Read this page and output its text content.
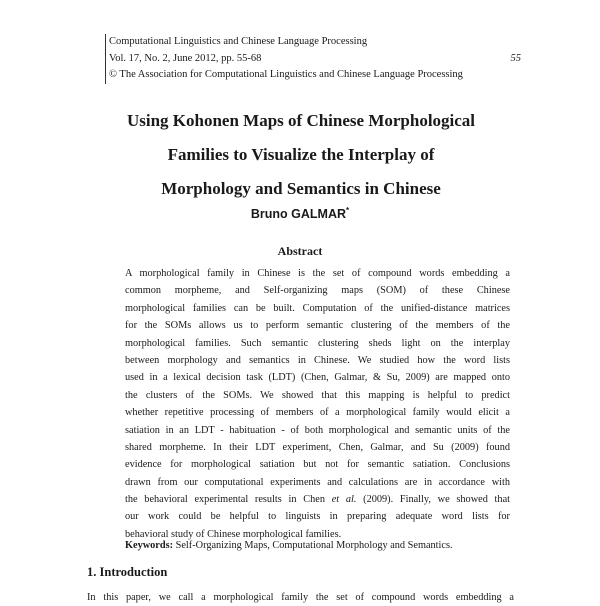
Computational Linguistics and Chinese Language Processing
Vol. 17, No. 2, June 2012, pp. 55-68	55
© The Association for Computational Linguistics and Chinese Language Processing
Using Kohonen Maps of Chinese Morphological
Families to Visualize the Interplay of
Morphology and Semantics in Chinese
Bruno GALMAR*
Abstract
A morphological family in Chinese is the set of compound words embedding a
common morpheme, and Self-organizing maps (SOM) of these Chinese
morphological families can be built. Computation of the unified-distance matrices
for the SOMs allows us to perform semantic clustering of the members of the
morphological families. Such semantic clustering sheds light on the interplay
between morphology and semantics in Chinese. We studied how the word lists
used in a lexical decision task (LDT) (Chen, Galmar, & Su, 2009) are mapped onto
the clusters of the SOMs. We showed that this mapping is helpful to predict
whether repetitive processing of members of a morphological family would elicit a
satiation in an LDT - habituation - of both morphological and semantic units of the
shared morpheme. In their LDT experiment, Chen, Galmar, and Su (2009) found
evidence for morphological satiation but not for semantic satiation. Conclusions
drawn from our computational experiments and calculations are in accordance with
the behavioral experimental results in Chen et al. (2009). Finally, we showed that
our work could be helpful to linguists in preparing adequate word lists for
behavioral study of Chinese morphological families.
Keywords: Self-Organizing Maps, Computational Morphology and Semantics.
1. Introduction
In this paper, we call a morphological family the set of compound words embedding a
